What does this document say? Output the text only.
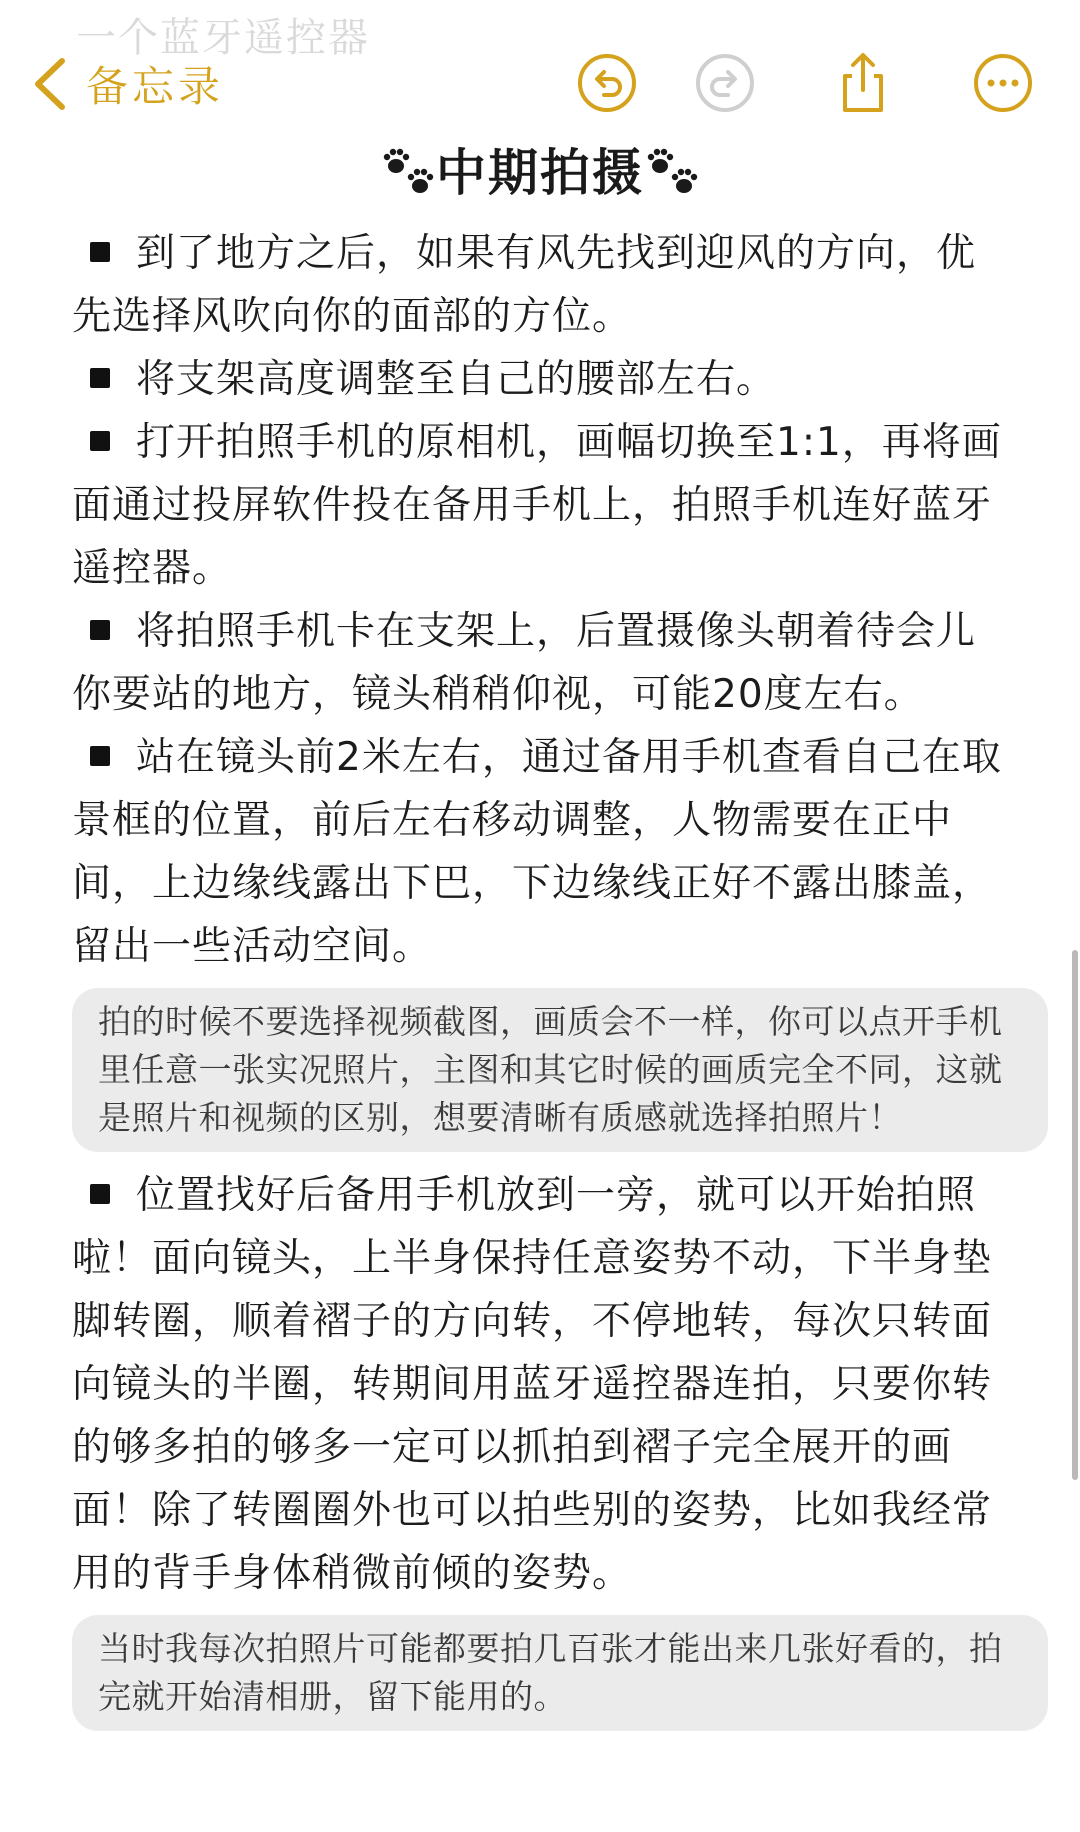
一个蓝牙遥控器
备忘录
中期拍摄

到了地方之后，如果有风先找到迎风的方向，优先选择风吹向你的面部的方位。

将支架高度调整至自己的腰部左右。

打开拍照手机的原相机，画幅切换至1:1，再将画面通过投屏软件投在备用手机上，拍照手机连好蓝牙遥控器。

将拍照手机卡在支架上，后置摄像头朝着待会儿你要站的地方，镜头稍稍仰视，可能20度左右。

站在镜头前2米左右，通过备用手机查看自己在取景框的位置，前后左右移动调整，人物需要在正中间，上边缘线露出下巴，下边缘线正好不露出膝盖，留出一些活动空间。

拍的时候不要选择视频截图，画质会不一样，你可以点开手机里任意一张实况照片，主图和其它时候的画质完全不同，这就是照片和视频的区别，想要清晰有质感就选择拍照片！

位置找好后备用手机放到一旁，就可以开始拍照啦！面向镜头，上半身保持任意姿势不动，下半身垫脚转圈，顺着褶子的方向转，不停地转，每次只转面向镜头的半圈，转期间用蓝牙遥控器连拍，只要你转的够多拍的够多一定可以抓拍到褶子完全展开的画面！除了转圈圈外也可以拍些别的姿势，比如我经常用的背手身体稍微前倾的姿势。

当时我每次拍照片可能都要拍几百张才能出来几张好看的，拍完就开始清相册，留下能用的。
